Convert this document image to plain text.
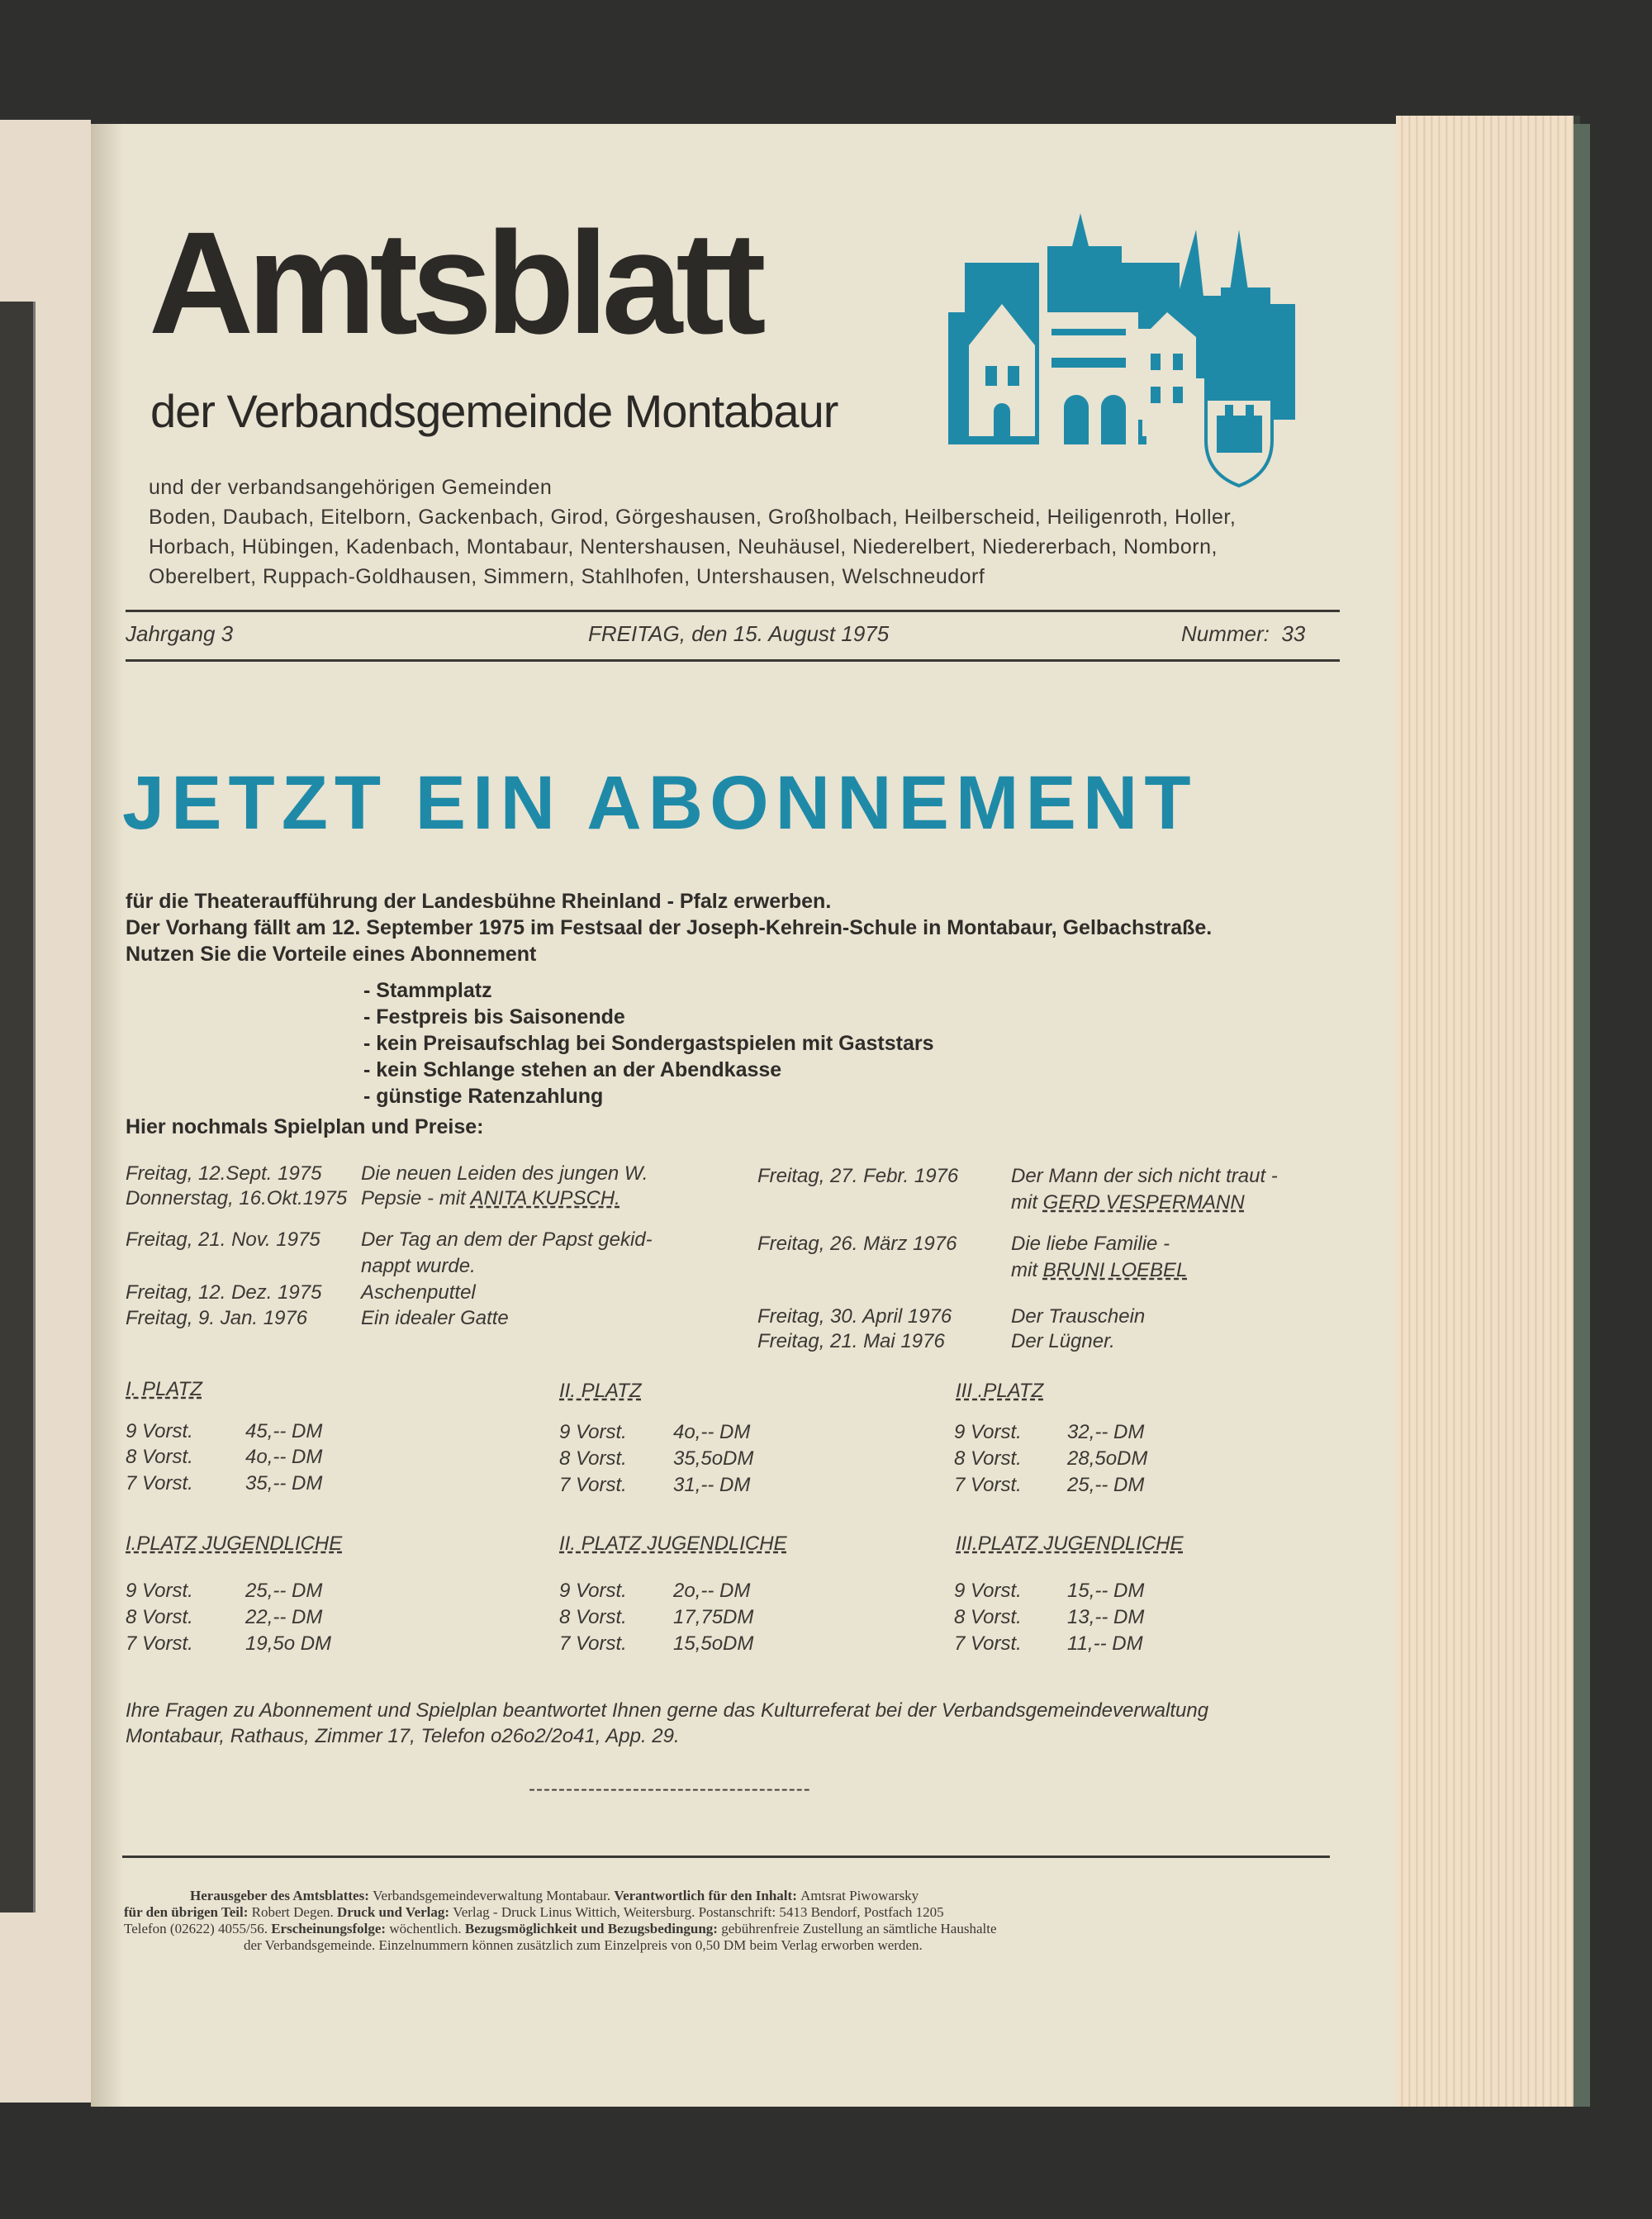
Amtsblatt
der Verbandsgemeinde Montabaur
und der verbandsangehörigen Gemeinden
Boden, Daubach, Eitelborn, Gackenbach, Girod, Görgeshausen, Großholbach, Heilberscheid, Heiligenroth, Holler,
Horbach, Hübingen, Kadenbach, Montabaur, Nentershausen, Neuhäusel, Niederelbert, Niedererbach, Nomborn,
Oberelbert, Ruppach-Goldhausen, Simmern, Stahlhofen, Untershausen, Welschneudorf
Jahrgang 3	FREITAG, den 15. August 1975	Nummer:  33
JETZT EIN ABONNEMENT
für die Theateraufführung der Landesbühne Rheinland - Pfalz erwerben.
Der Vorhang fällt am 12. September 1975 im Festsaal der Joseph-Kehrein-Schule in Montabaur, Gelbachstraße.
Nutzen Sie die Vorteile eines Abonnement
- Stammplatz
- Festpreis bis Saisonende
- kein Preisaufschlag bei Sondergastspielen mit Gaststars
- kein Schlange stehen an der Abendkasse
- günstige Ratenzahlung
Hier nochmals Spielplan und Preise:
Freitag, 12.Sept. 1975 Die neuen Leiden des jungen W.
Donnerstag, 16.Okt.1975 Pepsie - mit ANITA KUPSCH.
Freitag, 21. Nov. 1975 Der Tag an dem der Papst gekid-
nappt wurde.
Freitag, 12. Dez. 1975 Aschenputtel
Freitag, 9. Jan. 1976	Ein idealer Gatte
Freitag, 27. Febr. 1976	Der Mann der sich nicht traut -
mit GERD VESPERMANN
Freitag, 26. März 1976	Die liebe Familie -
mit BRUNI LOEBEL
Freitag, 30. April 1976	Der Trauschein
Freitag, 21. Mai 1976	Der Lügner.
I. PLATZ
9 Vorst.	45,-- DM
8 Vorst.	4o,-- DM
7 Vorst.	35,-- DM
II. PLATZ
9 Vorst. 4o,-- DM
8 Vorst. 35,5oDM
7 Vorst. 31,-- DM
III .PLATZ
9 Vorst. 32,-- DM
8 Vorst. 28,5oDM
7 Vorst. 25,-- DM
I.PLATZ JUGENDLICHE
9 Vorst.	25,-- DM
8 Vorst.	22,-- DM
7 Vorst.	19,5o DM
II. PLATZ JUGENDLICHE
9 Vorst. 2o,-- DM
8 Vorst. 17,75DM
7 Vorst. 15,5oDM
III.PLATZ JUGENDLICHE
9 Vorst. 15,-- DM
8 Vorst. 13,-- DM
7 Vorst. 11,-- DM
Ihre Fragen zu Abonnement und Spielplan beantwortet Ihnen gerne das Kulturreferat bei der Verbandsgemeindeverwaltung
Montabaur, Rathaus, Zimmer 17, Telefon o26o2/2o41, App. 29.
--------------------------------------
Herausgeber des Amtsblattes: Verbandsgemeindeverwaltung Montabaur. Verantwortlich für den Inhalt: Amtsrat Piwowarsky
für den übrigen Teil: Robert Degen. Druck und Verlag: Verlag - Druck Linus Wittich, Weitersburg. Postanschrift: 5413 Bendorf, Postfach 1205
Telefon (02622) 4055/56. Erscheinungsfolge: wöchentlich. Bezugsmöglichkeit und Bezugsbedingung: gebührenfreie Zustellung an sämtliche Haushalte
der Verbandsgemeinde. Einzelnummern können zusätzlich zum Einzelpreis von 0,50 DM beim Verlag erworben werden.
